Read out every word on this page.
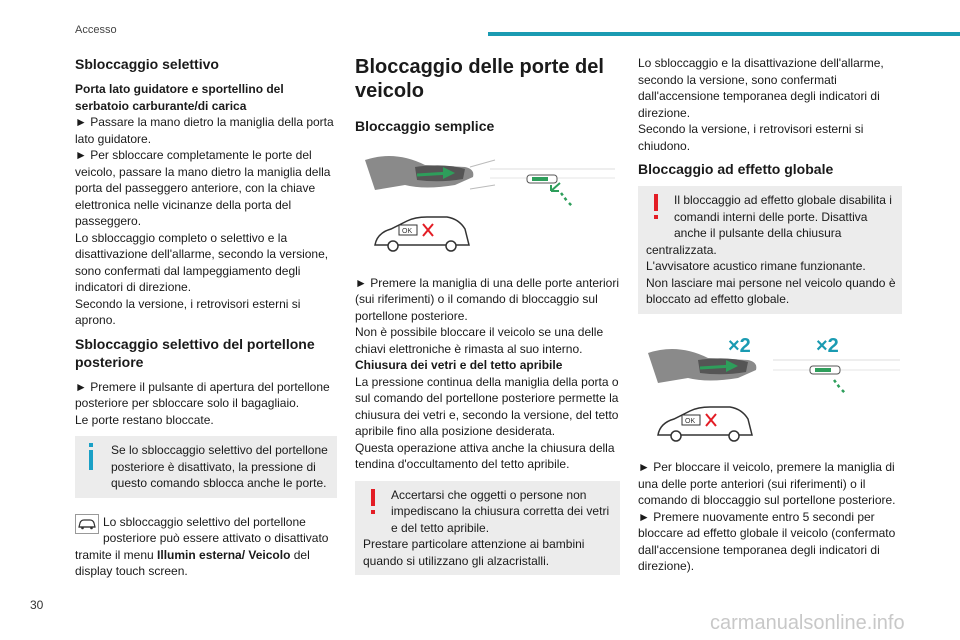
Accesso
Sbloccaggio selettivo

Porta lato guidatore e sportellino del serbatoio carburante/di carica

► Passare la mano dietro la maniglia della porta lato guidatore.

► Per sbloccare completamente le porte del veicolo, passare la mano dietro la maniglia della porta del passeggero anteriore, con la chiave elettronica nelle vicinanze della porta del passeggero.

Lo sbloccaggio completo o selettivo e la disattivazione dell'allarme, secondo la versione, sono confermati dal lampeggiamento degli indicatori di direzione.

Secondo la versione, i retrovisori esterni si aprono.

Sbloccaggio selettivo del portellone posteriore

► Premere il pulsante di apertura del portellone posteriore per sbloccare solo il bagagliaio.

Le porte restano bloccate.

Se lo sbloccaggio selettivo del portellone posteriore è disattivato, la pressione di questo comando sblocca anche le porte.

Lo sbloccaggio selettivo del portellone posteriore può essere attivato o disattivato tramite il menu Illumin esterna/ Veicolo del display touch screen.

Bloccaggio delle porte del veicolo
Bloccaggio semplice
OK

► Premere la maniglia di una delle porte anteriori (sui riferimenti) o il comando di bloccaggio sul portellone posteriore.

Non è possibile bloccare il veicolo se una delle chiavi elettroniche è rimasta al suo interno.

Chiusura dei vetri e del tetto apribile

La pressione continua della maniglia della porta o sul comando del portellone posteriore permette la chiusura dei vetri e, secondo la versione, del tetto apribile fino alla posizione desiderata.

Questa operazione attiva anche la chiusura della tendina d'occultamento del tetto apribile.

Accertarsi che oggetti o persone non impediscano la chiusura corretta dei vetri e del tetto apribile.

Prestare particolare attenzione ai bambini quando si utilizzano gli alzacristalli.

Lo sbloccaggio e la disattivazione dell'allarme, secondo la versione, sono confermati dall'accensione temporanea degli indicatori di direzione.

Secondo la versione, i retrovisori esterni si chiudono.

Bloccaggio ad effetto globale

Il bloccaggio ad effetto globale disabilita i comandi interni delle porte. Disattiva anche il pulsante della chiusura centralizzata.

L'avvisatore acustico rimane funzionante.

Non lasciare mai persone nel veicolo quando è bloccato ad effetto globale.

×2	×2
OK

► Per bloccare il veicolo, premere la maniglia di una delle porte anteriori (sui riferimenti) o il comando di bloccaggio sul portellone posteriore.

► Premere nuovamente entro 5 secondi per bloccare ad effetto globale il veicolo (confermato dall'accensione temporanea degli indicatori di direzione).

30
carmanualsonline.info
